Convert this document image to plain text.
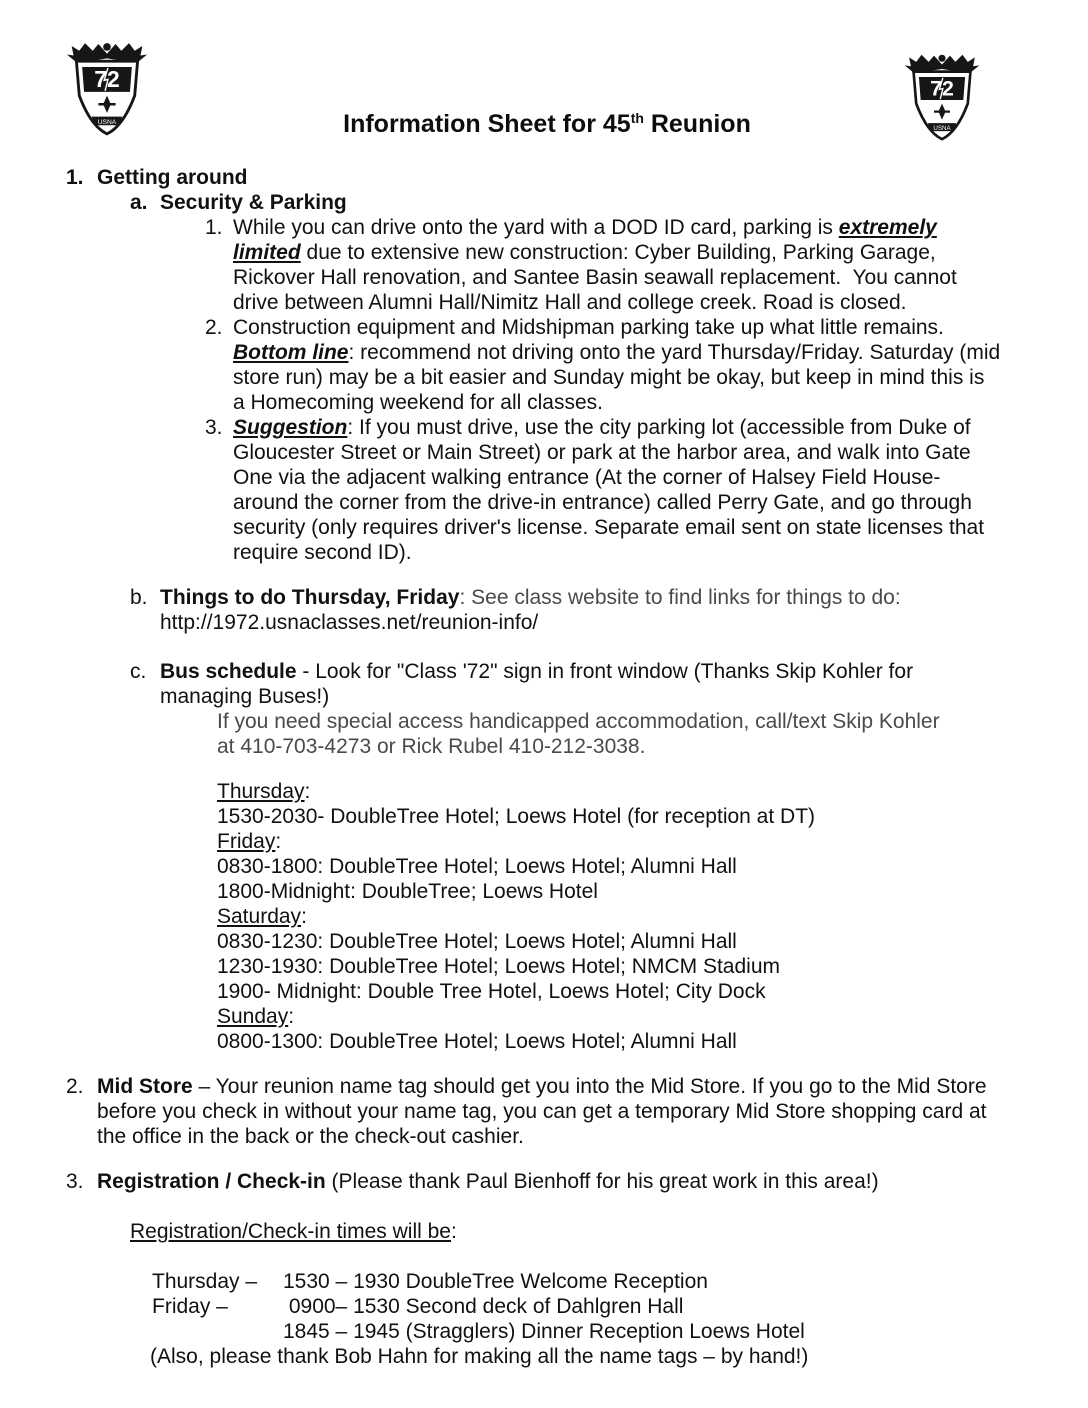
72
USNA
72
USNA
Information Sheet for 45th Reunion
1. Getting around
a. Security & Parking
1. While you can drive onto the yard with a DOD ID card, parking is extremely
limited due to extensive new construction: Cyber Building, Parking Garage,
Rickover Hall renovation, and Santee Basin seawall replacement.  You cannot
drive between Alumni Hall/Nimitz Hall and college creek. Road is closed.
2. Construction equipment and Midshipman parking take up what little remains.
Bottom line: recommend not driving onto the yard Thursday/Friday. Saturday (mid
store run) may be a bit easier and Sunday might be okay, but keep in mind this is
a Homecoming weekend for all classes.
3. Suggestion: If you must drive, use the city parking lot (accessible from Duke of
Gloucester Street or Main Street) or park at the harbor area, and walk into Gate
One via the adjacent walking entrance (At the corner of Halsey Field House-
around the corner from the drive-in entrance) called Perry Gate, and go through
security (only requires driver's license. Separate email sent on state licenses that
require second ID).
b. Things to do Thursday, Friday: See class website to find links for things to do:
http://1972.usnaclasses.net/reunion-info/
c. Bus schedule - Look for "Class '72" sign in front window (Thanks Skip Kohler for
managing Buses!)
If you need special access handicapped accommodation, call/text Skip Kohler
at 410-703-4273 or Rick Rubel 410-212-3038.
Thursday:
1530-2030- DoubleTree Hotel; Loews Hotel (for reception at DT)
Friday:
0830-1800: DoubleTree Hotel; Loews Hotel; Alumni Hall
1800-Midnight: DoubleTree; Loews Hotel
Saturday:
0830-1230: DoubleTree Hotel; Loews Hotel; Alumni Hall
1230-1930: DoubleTree Hotel; Loews Hotel; NMCM Stadium
1900- Midnight: Double Tree Hotel, Loews Hotel; City Dock
Sunday:
0800-1300: DoubleTree Hotel; Loews Hotel; Alumni Hall
2. Mid Store – Your reunion name tag should get you into the Mid Store. If you go to the Mid Store
before you check in without your name tag, you can get a temporary Mid Store shopping card at
the office in the back or the check-out cashier.
3. Registration / Check-in (Please thank Paul Bienhoff for his great work in this area!)

Registration/Check-in times will be:

Thursday –	1530 – 1930 DoubleTree Welcome Reception
Friday –	0900– 1530 Second deck of Dahlgren Hall
1845 – 1945 (Stragglers) Dinner Reception Loews Hotel
(Also, please thank Bob Hahn for making all the name tags – by hand!)
